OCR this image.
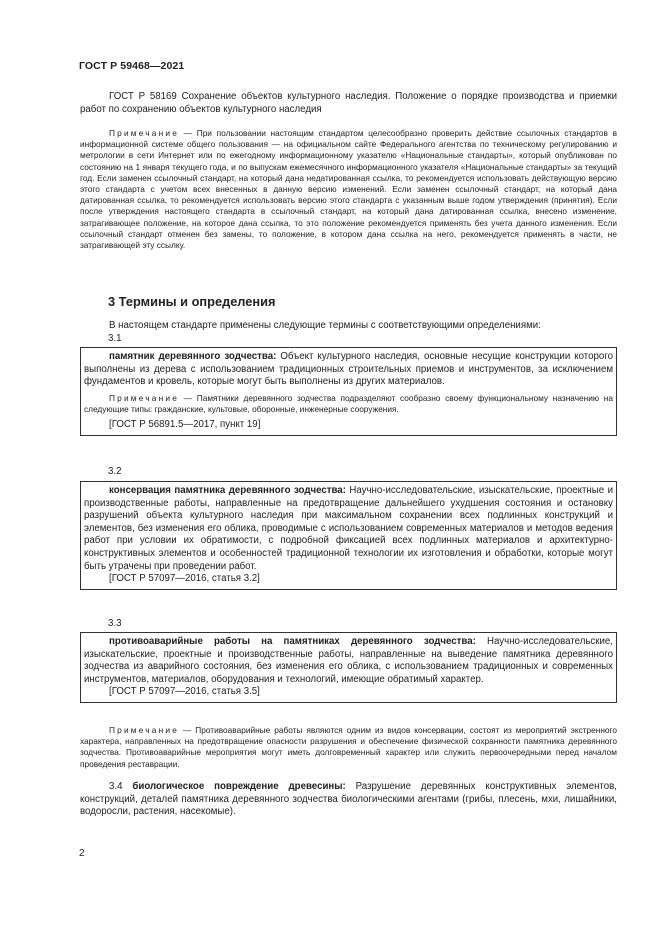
ГОСТ Р 59468—2021

ГОСТ Р 58169 Сохранение объектов культурного наследия. Положение о порядке производства и приемки работ по сохранению объектов культурного наследия

Примечание — При пользовании настоящим стандартом целесообразно проверить действие ссылочных стандартов в информационной системе общего пользования — на официальном сайте Федерального агентства по техническому регулированию и метрологии в сети Интернет или по ежегодному информационному указателю «Национальные стандарты», который опубликован по состоянию на 1 января текущего года, и по выпускам ежемесячного информационного указателя «Национальные стандарты» за текущий год. Если заменен ссылочный стандарт, на который дана недатированная ссылка, то рекомендуется использовать действующую версию этого стандарта с учетом всех внесенных в данную версию изменений. Если заменен ссылочный стандарт, на который дана датированная ссылка, то рекомендуется использовать версию этого стандарта с указанным выше годом утверждения (принятия). Если после утверждения настоящего стандарта в ссылочный стандарт, на который дана датированная ссылка, внесено изменение, затрагивающее положение, на которое дана ссылка, то это положение рекомендуется применять без учета данного изменения. Если ссылочный стандарт отменен без замены, то положение, в котором дана ссылка на него, рекомендуется применять в части, не затрагивающей эту ссылку.

3 Термины и определения

В настоящем стандарте применены следующие термины с соответствующими определениями:

3.1

памятник деревянного зодчества: Объект культурного наследия, основные несущие конструкции которого выполнены из дерева с использованием традиционных строительных приемов и инструментов, за исключением фундаментов и кровель, которые могут быть выполнены из других материалов.

Примечание — Памятники деревянного зодчества подразделяют сообразно своему функциональному назначению на следующие типы: гражданские, культовые, оборонные, инженерные сооружения.

[ГОСТ Р 56891.5—2017, пункт 19]

3.2

консервация памятника деревянного зодчества: Научно-исследовательские, изыскательские, проектные и производственные работы, направленные на предотвращение дальнейшего ухудшения состояния и остановку разрушений объекта культурного наследия при максимальном сохранении всех подлинных конструкций и элементов, без изменения его облика, проводимые с использованием современных материалов и методов ведения работ при условии их обратимости, с подробной фиксацией всех подлинных материалов и архитектурно-конструктивных элементов и особенностей традиционной технологии их изготовления и обработки, которые могут быть утрачены при проведении работ.

[ГОСТ Р 57097—2016, статья 3.2]

3.3

противоаварийные работы на памятниках деревянного зодчества: Научно-исследовательские, изыскательские, проектные и производственные работы, направленные на выведение памятника деревянного зодчества из аварийного состояния, без изменения его облика, с использованием традиционных и современных инструментов, материалов, оборудования и технологий, имеющие обратимый характер.

[ГОСТ Р 57097—2016, статья 3.5]

Примечание — Противоаварийные работы являются одним из видов консервации, состоят из мероприятий экстренного характера, направленных на предотвращение опасности разрушения и обеспечение физической сохранности памятника деревянного зодчества. Противоаварийные мероприятия могут иметь долговременный характер или служить первоочередными перед началом проведения реставрации.

3.4 биологическое повреждение древесины: Разрушение деревянных конструктивных элементов, конструкций, деталей памятника деревянного зодчества биологическими агентами (грибы, плесень, мхи, лишайники, водоросли, растения, насекомые).

2
